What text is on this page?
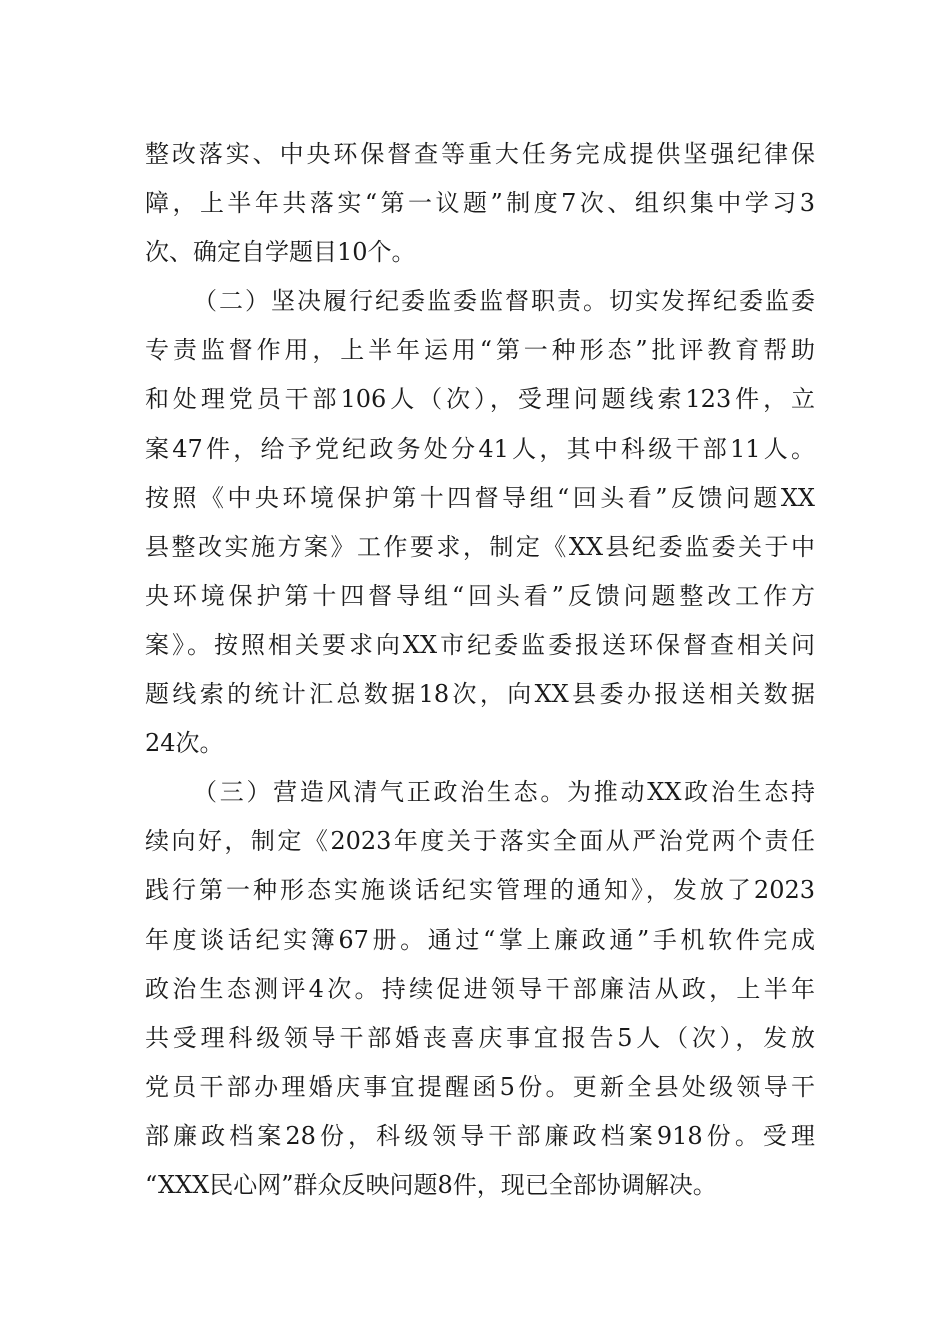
整改落实、中央环保督查等重大任务完成提供坚强纪律保
障，上半年共落实“第一议题”制度7次、组织集中学习3
次、确定自学题目10个。
（二）坚决履行纪委监委监督职责。切实发挥纪委监委
专责监督作用，上半年运用“第一种形态”批评教育帮助
和处理党员干部106人（次），受理问题线索123件，立
案47件，给予党纪政务处分41人，其中科级干部11人。
按照《中央环境保护第十四督导组“回头看”反馈问题XX
县整改实施方案》工作要求，制定《XX县纪委监委关于中
央环境保护第十四督导组“回头看”反馈问题整改工作方
案》。按照相关要求向XX市纪委监委报送环保督查相关问
题线索的统计汇总数据18次，向XX县委办报送相关数据
24次。
（三）营造风清气正政治生态。为推动XX政治生态持
续向好，制定《2023年度关于落实全面从严治党两个责任
践行第一种形态实施谈话纪实管理的通知》，发放了2023
年度谈话纪实簿67册。通过“掌上廉政通”手机软件完成
政治生态测评4次。持续促进领导干部廉洁从政，上半年
共受理科级领导干部婚丧喜庆事宜报告5人（次），发放
党员干部办理婚庆事宜提醒函5份。更新全县处级领导干
部廉政档案28份，科级领导干部廉政档案918份。受理
“XXX民心网”群众反映问题8件，现已全部协调解决。
